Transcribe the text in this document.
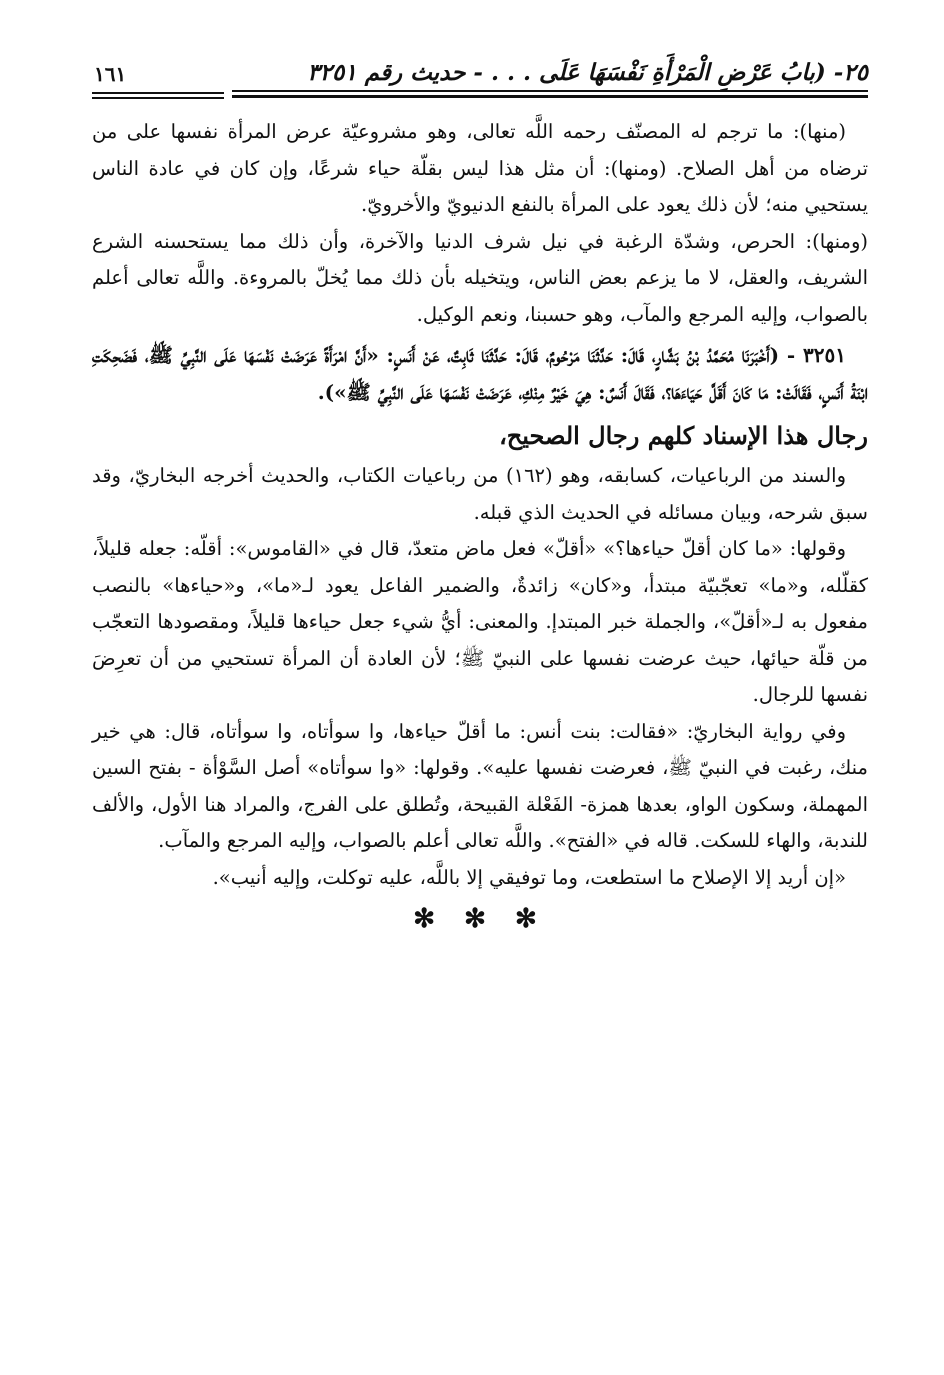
٢٥- (بابُ عَرْضِ الْمَرْأَةِ نَفْسَهَا عَلَى . . . - حديث رقم ٣٢٥١
١٦١

(منها): ما ترجم له المصنّف رحمه اللَّه تعالى، وهو مشروعيّة عرض المرأة نفسها على من ترضاه من أهل الصلاح. (ومنها): أن مثل هذا ليس بقلّة حياء شرعًا، وإن كان في عادة الناس يستحيي منه؛ لأن ذلك يعود على المرأة بالنفع الدنيويّ والأخرويّ.

(ومنها): الحرص، وشدّة الرغبة في نيل شرف الدنيا والآخرة، وأن ذلك مما يستحسنه الشرع الشريف، والعقل، لا ما يزعم بعض الناس، ويتخيله بأن ذلك مما يُخلّ بالمروءة. واللَّه تعالى أعلم بالصواب، وإليه المرجع والمآب، وهو حسبنا، ونعم الوكيل.

٣٢٥١ - (أَخْبَرَنَا مُحَمَّدُ بْنُ بَشَّارٍ، قَالَ: حَدَّثَنَا مَرْحُومٌ، قَالَ: حَدَّثَنَا ثَابِتٌ، عَنْ أَنَسٍ: «أَنَّ امْرَأَةً عَرَضَتْ نَفْسَهَا عَلَى النَّبِيِّ ﷺ، فَضَحِكَتِ ابْنَةُ أَنَسٍ، فَقَالَتْ: مَا كَانَ أَقَلَّ حَيَاءَهَا؟، فَقَالَ أَنَسٌ: هِيَ خَيْرٌ مِنْكِ، عَرَضَتْ نَفْسَهَا عَلَى النَّبِيِّ ﷺ»).

رجال هذا الإسناد كلهم رجال الصحيح،

والسند من الرباعيات، كسابقه، وهو (١٦٢) من رباعيات الكتاب، والحديث أخرجه البخاريّ، وقد سبق شرحه، وبيان مسائله في الحديث الذي قبله.

وقولها: «ما كان أقلّ حياءها؟» «أقلّ» فعل ماض متعدّ، قال في «القاموس»: أقلّه: جعله قليلاً، كقلّله، و«ما» تعجّبيّة مبتدأ، و«كان» زائدةٌ، والضمير الفاعل يعود لـ«ما»، و«حياءها» بالنصب مفعول به لـ«أقلّ»، والجملة خبر المبتدإ. والمعنى: أيُّ شيء جعل حياءها قليلاً، ومقصودها التعجّب من قلّة حيائها، حيث عرضت نفسها على النبيّ ﷺ؛ لأن العادة أن المرأة تستحيي من أن تعرِضَ نفسها للرجال.

وفي رواية البخاريّ: «فقالت: بنت أنس: ما أقلّ حياءها، وا سوأتاه، وا سوأتاه، قال: هي خير منك، رغبت في النبيّ ﷺ، فعرضت نفسها عليه». وقولها: «وا سوأتاه» أصل السَّوْأة - بفتح السين المهملة، وسكون الواو، بعدها همزة- الفَعْلة القبيحة، وتُطلق على الفرج، والمراد هنا الأول، والألف للندبة، والهاء للسكت. قاله في «الفتح». واللَّه تعالى أعلم بالصواب، وإليه المرجع والمآب.

«إن أريد إلا الإصلاح ما استطعت، وما توفيقي إلا باللَّه، عليه توكلت، وإليه أنيب».

✻ ✻ ✻
